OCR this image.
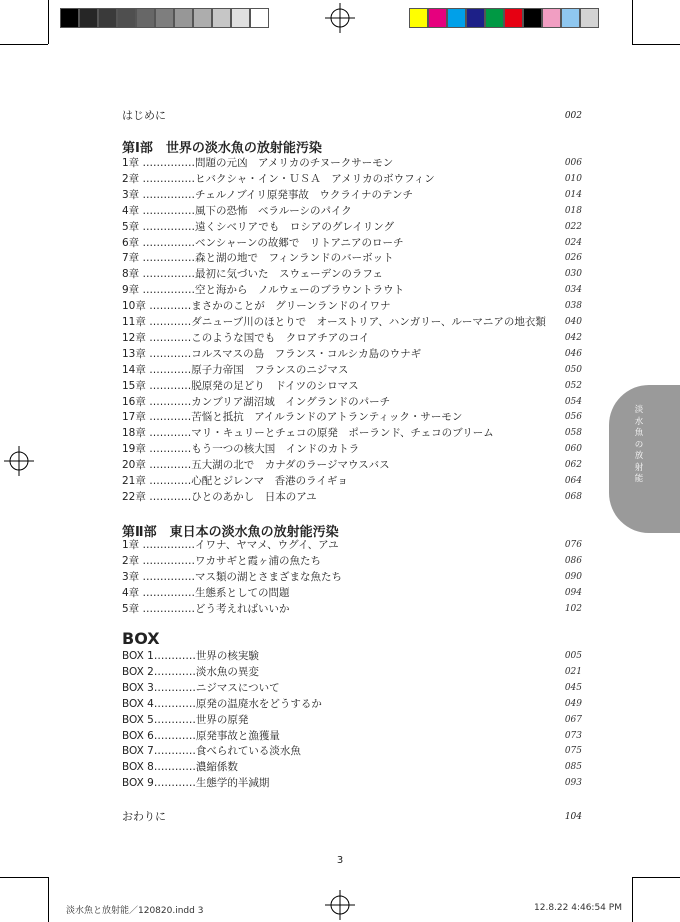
はじめに	002
第Ⅰ部　世界の淡水魚の放射能汚染
1章 ……………問題の元凶　アメリカのチヌークサーモン	006
2章 ……………ヒバクシャ・イン・ＵＳＡ　アメリカのボウフィン	010
3章 ……………チェルノブイリ原発事故　ウクライナのテンチ	014
4章 ……………風下の恐怖　ベラルーシのパイク	018
5章 ……………遠くシベリアでも　ロシアのグレイリング	022
6章 ……………ベンシャーンの故郷で　リトアニアのローチ	024
7章 ……………森と湖の地で　フィンランドのバーボット	026
8章 ……………最初に気づいた　スウェーデンのラフェ	030
9章 ……………空と海から　ノルウェーのブラウントラウト	034
10章 …………まさかのことが　グリーンランドのイワナ	038
11章 …………ダニューブ川のほとりで　オーストリア、ハンガリー、ルーマニアの地衣類 040
12章 …………このような国でも　クロアチアのコイ	042
13章 …………コルスマスの島　フランス・コルシカ島のウナギ	046
14章 …………原子力帝国　フランスのニジマス	050
15章 …………脱原発の足どり　ドイツのシロマス	052
16章 …………カンブリア湖沼域　イングランドのパーチ	054
17章 …………苦悩と抵抗　アイルランドのアトランティック・サーモン	056
18章 …………マリ・キュリーとチェコの原発　ポーランド、チェコのブリーム	058
19章 …………もう一つの核大国　インドのカトラ	060
20章 …………五大湖の北で　カナダのラージマウスバス	062
21章 …………心配とジレンマ　香港のライギョ	064
22章 …………ひとのあかし　日本のアユ	068
第Ⅱ部　東日本の淡水魚の放射能汚染
1章 ……………イワナ、ヤマメ、ウグイ、アユ	076
2章 ……………ワカサギと霞ヶ浦の魚たち	086
3章 ……………マス類の湖とさまざまな魚たち	090
4章 ……………生態系としての問題	094
5章 ……………どう考えればいいか	102
BOX
BOX 1…………世界の核実験	005
BOX 2…………淡水魚の異変	021
BOX 3…………ニジマスについて	045
BOX 4…………原発の温廃水をどうするか	049
BOX 5…………世界の原発	067
BOX 6…………原発事故と漁獲量	073
BOX 7…………食べられている淡水魚	075
BOX 8…………濃縮係数	085
BOX 9…………生態学的半減期	093
おわりに	104
淡
水
魚
の
放
射
能
3
淡水魚と放射能／120820.indd 3	12.8.22 4:46:54 PM
